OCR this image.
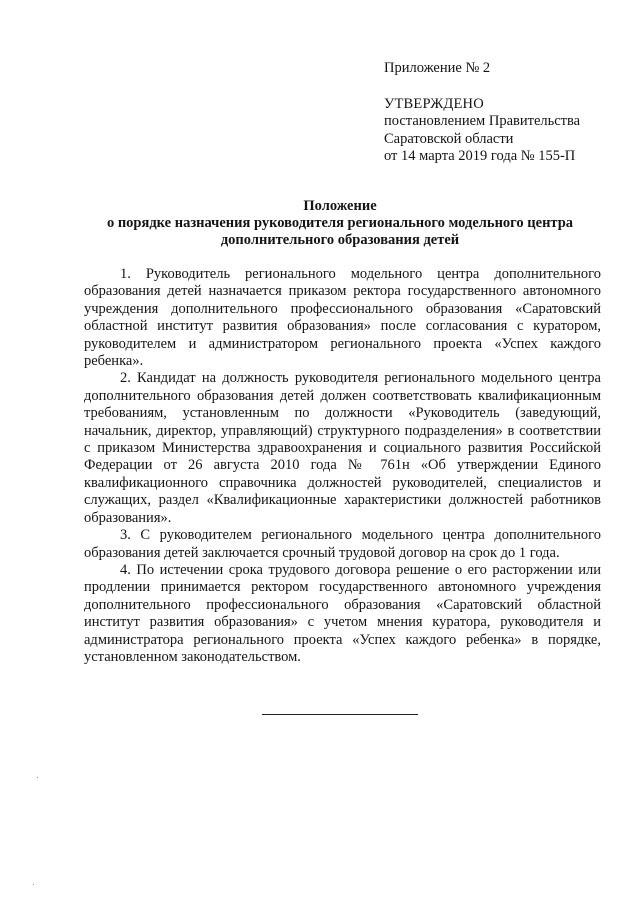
Приложение № 2
УТВЕРЖДЕНО
постановлением Правительства
Саратовской области
от 14 марта 2019 года № 155-П
Положение
о порядке назначения руководителя регионального модельного центра
дополнительного образования детей

1. Руководитель регионального модельного центра дополнительного образования детей назначается приказом ректора государственного автономного учреждения дополнительного профессионального образования «Саратовский областной институт развития образования» после согласования с куратором, руководителем и администратором регионального проекта «Успех каждого ребенка».

2. Кандидат на должность руководителя регионального модельного центра дополнительного образования детей должен соответствовать квалификационным требованиям, установленным по должности «Руководитель (заведующий, начальник, директор, управляющий) структурного подразделения» в соответствии с приказом Министерства здравоохранения и социального развития Российской Федерации от 26 августа 2010 года № 761н «Об утверждении Единого квалификационного справочника должностей руководителей, специалистов и служащих, раздел «Квалификационные характеристики должностей работников образования».

3. С руководителем регионального модельного центра дополнительного образования детей заключается срочный трудовой договор на срок до 1 года.

4. По истечении срока трудового договора решение о его расторжении или продлении принимается ректором государственного автономного учреждения дополнительного профессионального образования «Саратовский областной институт развития образования» с учетом мнения куратора, руководителя и администратора регионального проекта «Успех каждого ребенка» в порядке, установленном законодательством.
